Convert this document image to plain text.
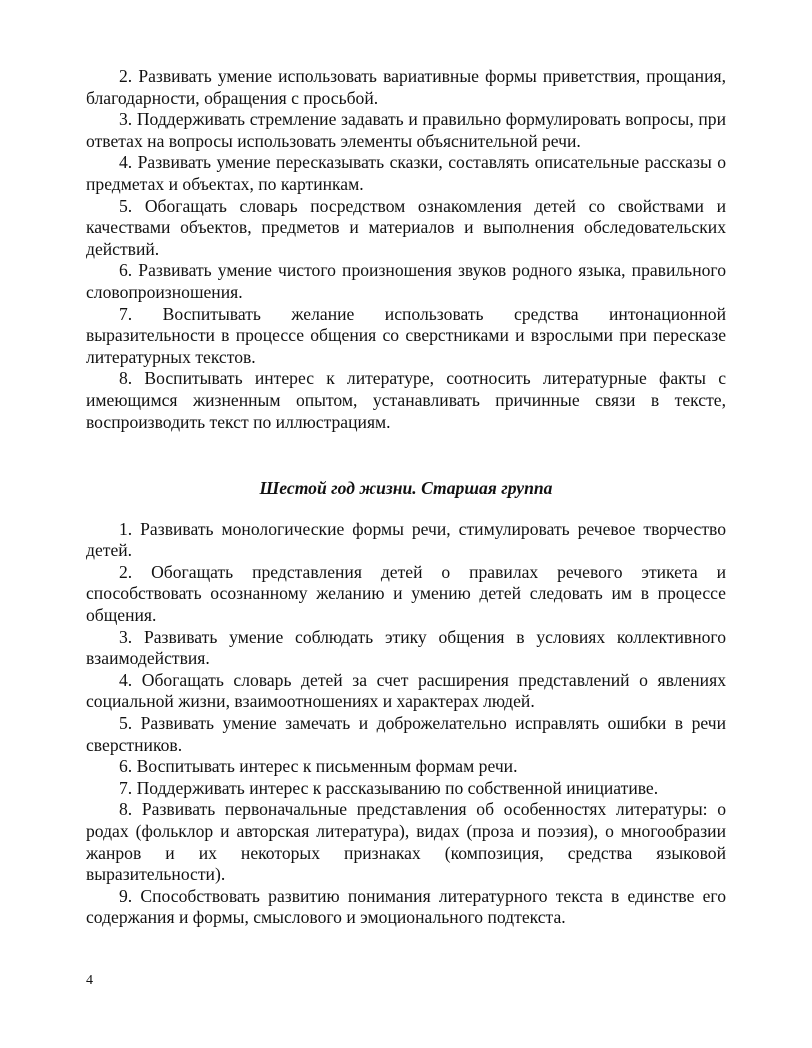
2. Развивать умение использовать вариативные формы приветствия, прощания, благодарности, обращения с просьбой.

3. Поддерживать стремление задавать и правильно формулировать вопросы, при ответах на вопросы использовать элементы объяснительной речи.

4. Развивать умение пересказывать сказки, составлять описательные рассказы о предметах и объектах, по картинкам.

5. Обогащать словарь посредством ознакомления детей со свойствами и качествами объектов, предметов и материалов и выполнения обследовательских действий.

6. Развивать умение чистого произношения звуков родного языка, правильного словопроизношения.

7. Воспитывать желание использовать средства интонационной выразительности в процессе общения со сверстниками и взрослыми при пересказе литературных текстов.

8. Воспитывать интерес к литературе, соотносить литературные факты с имеющимся жизненным опытом, устанавливать причинные связи в тексте, воспроизводить текст по иллюстрациям.

Шестой год жизни. Старшая группа

1. Развивать монологические формы речи, стимулировать речевое творчество детей.

2. Обогащать представления детей о правилах речевого этикета и способствовать осознанному желанию и умению детей следовать им в процессе общения.

3. Развивать умение соблюдать этику общения в условиях коллективного взаимодействия.

4. Обогащать словарь детей за счет расширения представлений о явлениях социальной жизни, взаимоотношениях и характерах людей.

5. Развивать умение замечать и доброжелательно исправлять ошибки в речи сверстников.

6. Воспитывать интерес к письменным формам речи.

7. Поддерживать интерес к рассказыванию по собственной инициативе.

8. Развивать первоначальные представления об особенностях литературы: о родах (фольклор и авторская литература), видах (проза и поэзия), о многообразии жанров и их некоторых признаках (композиция, средства языковой выразительности).

9. Способствовать развитию понимания литературного текста в единстве его содержания и формы, смыслового и эмоционального подтекста.

4
